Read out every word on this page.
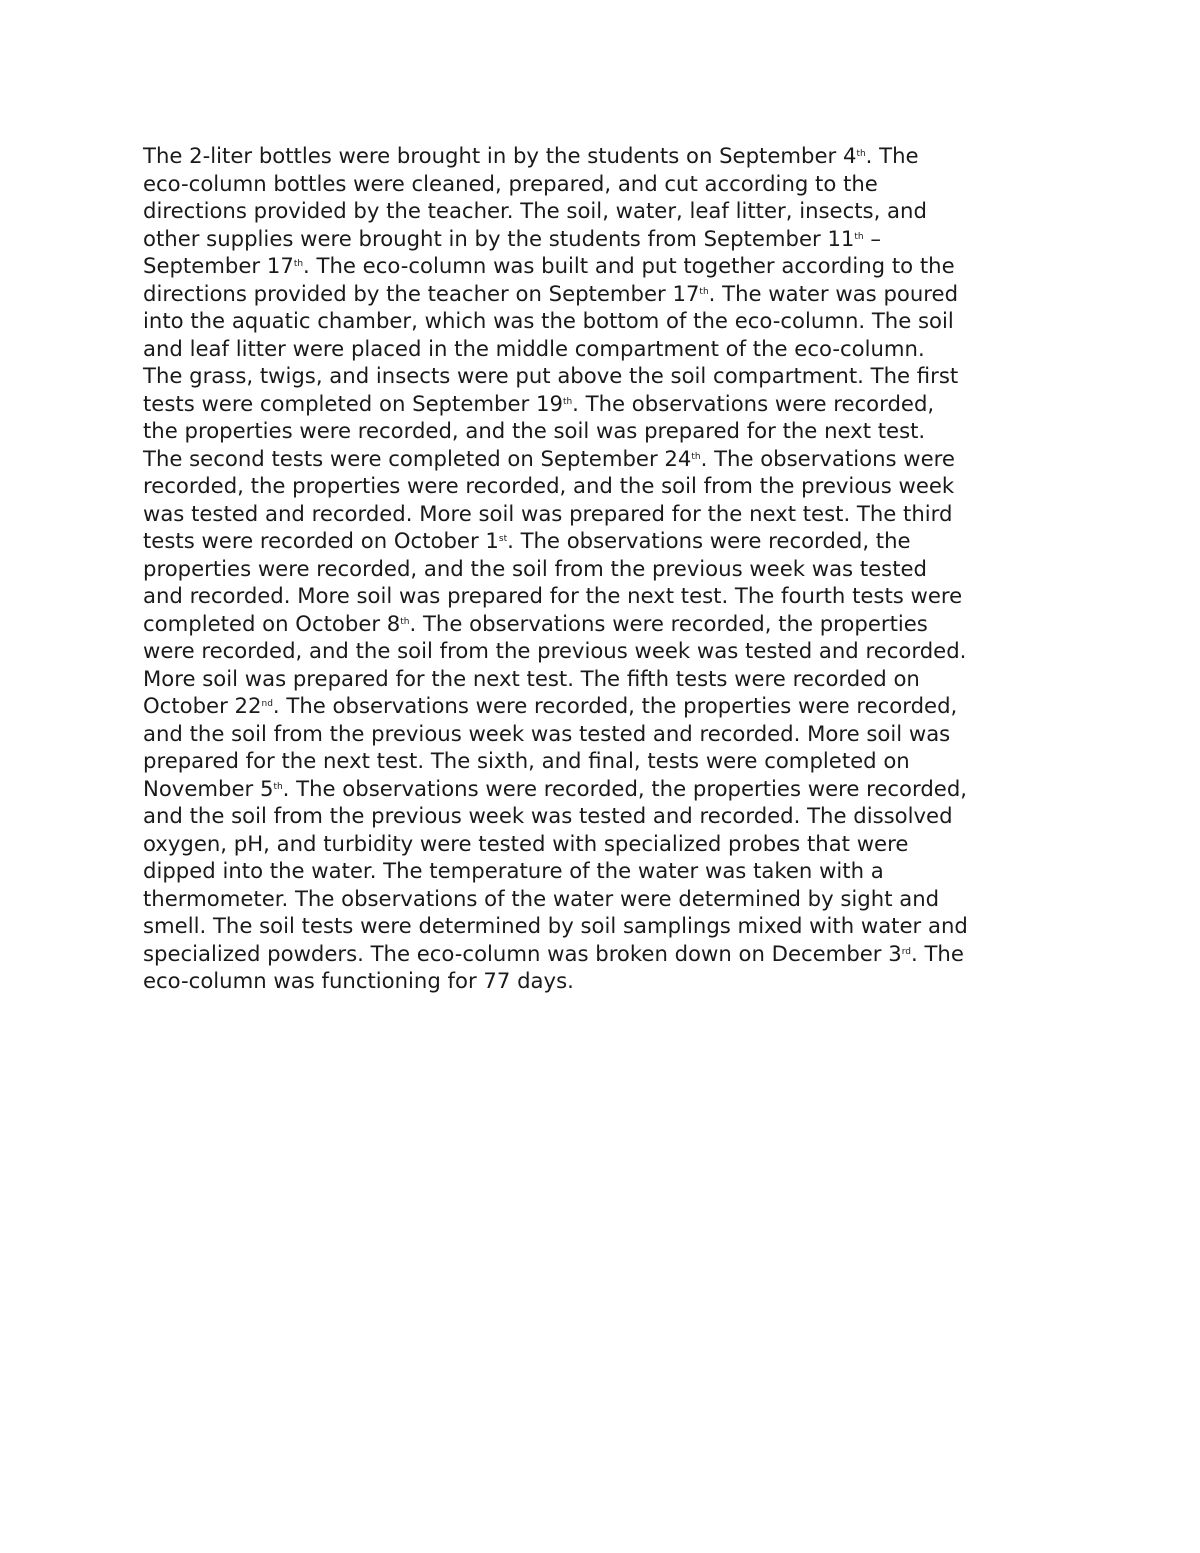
The 2-liter bottles were brought in by the students on September 4th. The
eco-column bottles were cleaned, prepared, and cut according to the
directions provided by the teacher. The soil, water, leaf litter, insects, and
other supplies were brought in by the students from September 11th –
September 17th. The eco-column was built and put together according to the
directions provided by the teacher on September 17th. The water was poured
into the aquatic chamber, which was the bottom of the eco-column. The soil
and leaf litter were placed in the middle compartment of the eco-column.
The grass, twigs, and insects were put above the soil compartment. The first
tests were completed on September 19th. The observations were recorded,
the properties were recorded, and the soil was prepared for the next test.
The second tests were completed on September 24th. The observations were
recorded, the properties were recorded, and the soil from the previous week
was tested and recorded. More soil was prepared for the next test. The third
tests were recorded on October 1st. The observations were recorded, the
properties were recorded, and the soil from the previous week was tested
and recorded. More soil was prepared for the next test. The fourth tests were
completed on October 8th. The observations were recorded, the properties
were recorded, and the soil from the previous week was tested and recorded.
More soil was prepared for the next test. The fifth tests were recorded on
October 22nd. The observations were recorded, the properties were recorded,
and the soil from the previous week was tested and recorded. More soil was
prepared for the next test. The sixth, and final, tests were completed on
November 5th. The observations were recorded, the properties were recorded,
and the soil from the previous week was tested and recorded. The dissolved
oxygen, pH, and turbidity were tested with specialized probes that were
dipped into the water. The temperature of the water was taken with a
thermometer. The observations of the water were determined by sight and
smell. The soil tests were determined by soil samplings mixed with water and
specialized powders. The eco-column was broken down on December 3rd. The
eco-column was functioning for 77 days.
